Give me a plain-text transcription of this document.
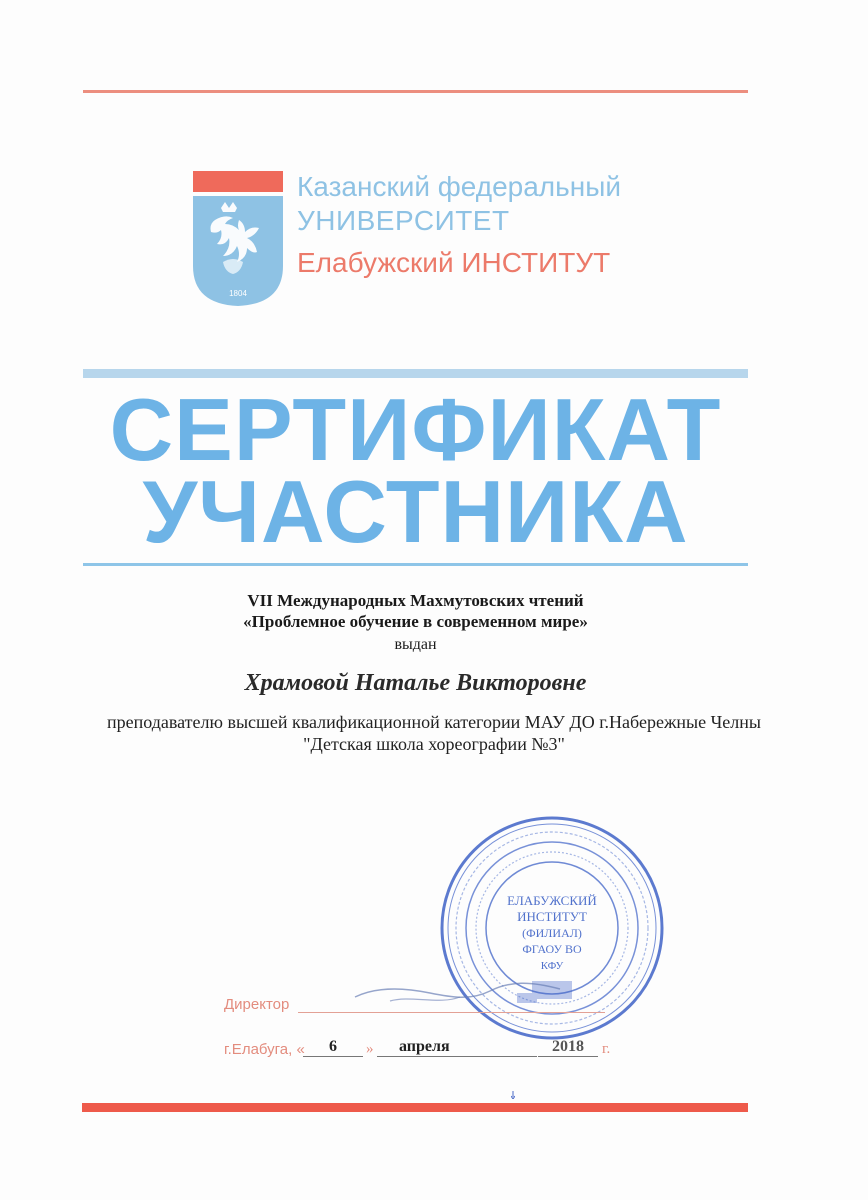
1804
Казанский федеральный
УНИВЕРСИТЕТ
Елабужский ИНСТИТУТ
СЕРТИФИКАТ
УЧАСТНИКА
VII Международных Махмутовских чтений
«Проблемное обучение в современном мире»
выдан
Храмовой Наталье Викторовне
преподавателю высшей квалификационной категории МАУ ДО г.Набережные Челны
"Детская школа хореографии №3"
ЕЛАБУЖСКИЙ
ИНСТИТУТ
(ФИЛИАЛ)
ФГАОУ ВО
КФУ
Директор
г.Елабуга, «	6	»	апреля	2018	г.
